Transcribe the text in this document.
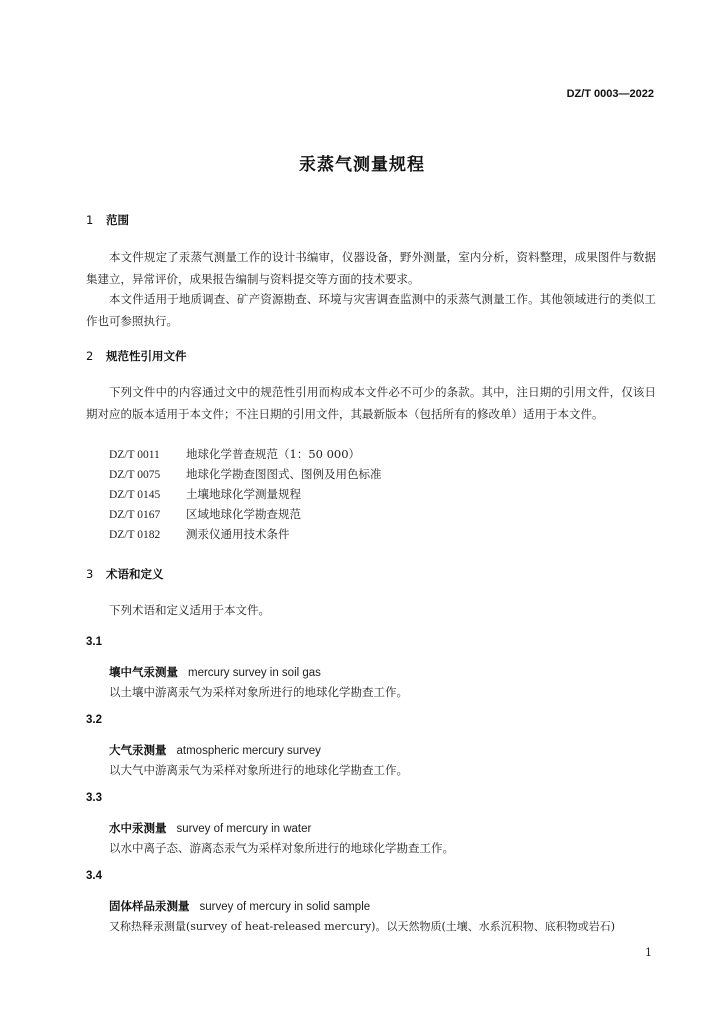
DZ/T 0003—2022
汞蒸气测量规程
1 范围
本文件规定了汞蒸气测量工作的设计书编审，仪器设备，野外测量，室内分析，资料整理，成果图件与数据集建立，异常评价，成果报告编制与资料提交等方面的技术要求。
本文件适用于地质调查、矿产资源勘查、环境与灾害调查监测中的汞蒸气测量工作。其他领域进行的类似工作也可参照执行。
2 规范性引用文件
下列文件中的内容通过文中的规范性引用而构成本文件必不可少的条款。其中，注日期的引用文件，仅该日期对应的版本适用于本文件；不注日期的引用文件，其最新版本（包括所有的修改单）适用于本文件。
DZ/T 0011 地球化学普查规范（1：50 000）
DZ/T 0075 地球化学勘查图图式、图例及用色标准
DZ/T 0145 土壤地球化学测量规程
DZ/T 0167 区域地球化学勘查规范
DZ/T 0182 测汞仪通用技术条件
3 术语和定义
下列术语和定义适用于本文件。
3.1
壤中气汞测量 mercury survey in soil gas
以土壤中游离汞气为采样对象所进行的地球化学勘查工作。
3.2
大气汞测量 atmospheric mercury survey
以大气中游离汞气为采样对象所进行的地球化学勘查工作。
3.3
水中汞测量 survey of mercury in water
以水中离子态、游离态汞气为采样对象所进行的地球化学勘查工作。
3.4
固体样品汞测量 survey of mercury in solid sample
又称热释汞测量(survey of heat-released mercury)。以天然物质(土壤、水系沉积物、底积物或岩石)
1
